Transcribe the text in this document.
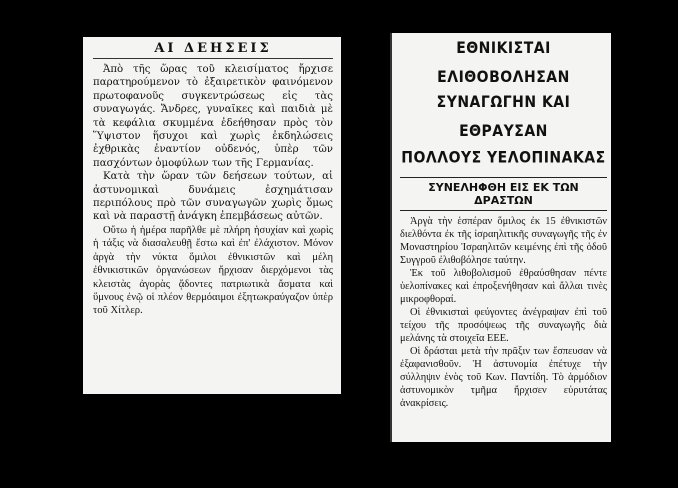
ΑΙ ΔΕΗΣΕΙΣ

Ἀπὸ τῆς ὥρας τοῦ κλεισίματος ἤρχισε παρατηρούμενον τὸ ἐξαιρετικὸν φαινόμενον πρωτοφανοῦς συγκεντρώσεως εἰς τὰς συναγωγάς. Ἄνδρες, γυναῖκες καὶ παιδιὰ μὲ τὰ κεφάλια σκυμμένα ἐδεήθησαν πρὸς τὸν Ὕψιστον ἥσυχοι καὶ χωρὶς ἐκδηλώσεις ἐχθρικὰς ἐναντίον οὐδενός, ὑπὲρ τῶν πασχόντων ὁμοφύλων των τῆς Γερμανίας.

Κατὰ τὴν ὥραν τῶν δεήσεων τούτων, αἱ ἀστυνομικαὶ δυνάμεις ἐσχημάτισαν περιπόλους πρὸ τῶν συναγωγῶν χωρὶς ὅμως καὶ νὰ παραστῇ ἀνάγκη ἐπεμβάσεως αὐτῶν.

Οὕτω ἡ ἡμέρα παρῆλθε μὲ πλήρη ἡσυχίαν καὶ χωρὶς ἡ τάξις νὰ διασαλευθῇ ἔστω καὶ ἐπ' ἐλάχιστον. Μόνον ἀργὰ τὴν νύκτα ὅμιλοι ἐθνικιστῶν καὶ μέλη ἐθνικιστικῶν ὀργανώσεων ἤρχισαν διερχόμενοι τὰς κλειστὰς ἀγορὰς ᾄδοντες πατριωτικὰ ἄσματα καὶ ὕμνους ἐνῷ οἱ πλέον θερμόαιμοι ἐξητωκραύγαζον ὑπὲρ τοῦ Χίτλερ.

ΕΘΝΙΚΙΣΤΑΙ ΕΛΙΘΟΒΟΛΗΣΑΝ
ΣΥΝΑΓΩΓΗΝ ΚΑΙ ΕΘΡΑΥΣΑΝ
ΠΟΛΛΟΥΣ ΥΕΛΟΠΙΝΑΚΑΣ
ΣΥΝΕΛΗΦΘΗ ΕΙΣ ΕΚ ΤΩΝ ΔΡΑΣΤΩΝ

Ἀργὰ τὴν ἑσπέραν ὅμιλος ἐκ 15 ἐθνικιστῶν διελθόντα ἐκ τῆς ἰσραηλιτικῆς συναγωγῆς τῆς ἐν Μοναστηρίου Ἰσραηλιτῶν κειμένης ἐπὶ τῆς ὁδοῦ Συγγροῦ ἐλιθοβόλησε ταύτην.

Ἐκ τοῦ λιθοβολισμοῦ ἐθραύσθησαν πέντε ὑελοπίνακες καὶ ἐπροξενήθησαν καὶ ἄλλαι τινὲς μικροφθοραί.

Οἱ ἐθνικισταὶ φεύγοντες ἀνέγραψαν ἐπὶ τοῦ τείχου τῆς προσόψεως τῆς συναγωγῆς διὰ μελάνης τὰ στοιχεῖα ΕΕΕ.

Οἱ δράσται μετὰ τὴν πρᾶξιν των ἔσπευσαν νὰ ἐξαφανισθοῦν. Ἡ ἀστυνομία ἐπέτυχε τὴν σύλληψιν ἑνὸς τοῦ Κων. Παντίδη. Τὸ ἁρμόδιον ἀστυνομικὸν τμῆμα ἤρχισεν εὐρυτάτας ἀνακρίσεις.
